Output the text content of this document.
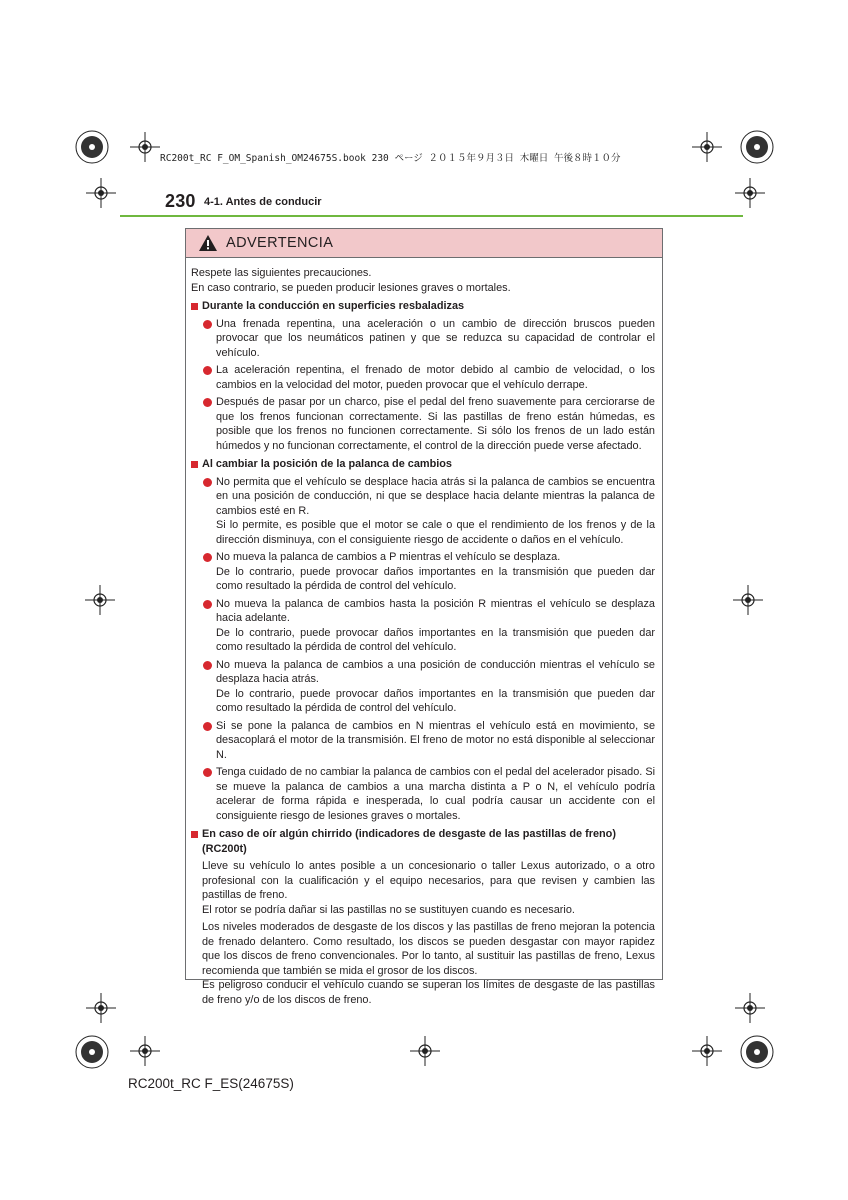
RC200t_RC F_OM_Spanish_OM24675S.book 230 ページ ２０１５年９月３日 木曜日 午後８時１０分
230 4-1. Antes de conducir
ADVERTENCIA

Respete las siguientes precauciones.

En caso contrario, se pueden producir lesiones graves o mortales.

Durante la conducción en superficies resbaladizas

Una frenada repentina, una aceleración o un cambio de dirección bruscos pueden provocar que los neumáticos patinen y que se reduzca su capacidad de controlar el vehículo.

La aceleración repentina, el frenado de motor debido al cambio de velocidad, o los cambios en la velocidad del motor, pueden provocar que el vehículo derrape.

Después de pasar por un charco, pise el pedal del freno suavemente para cerciorarse de que los frenos funcionan correctamente. Si las pastillas de freno están húmedas, es posible que los frenos no funcionen correctamente. Si sólo los frenos de un lado están húmedos y no funcionan correctamente, el control de la dirección puede verse afectado.

Al cambiar la posición de la palanca de cambios

No permita que el vehículo se desplace hacia atrás si la palanca de cambios se encuentra en una posición de conducción, ni que se desplace hacia delante mientras la palanca de cambios esté en R.

Si lo permite, es posible que el motor se cale o que el rendimiento de los frenos y de la dirección disminuya, con el consiguiente riesgo de accidente o daños en el vehículo.

No mueva la palanca de cambios a P mientras el vehículo se desplaza.

De lo contrario, puede provocar daños importantes en la transmisión que pueden dar como resultado la pérdida de control del vehículo.

No mueva la palanca de cambios hasta la posición R mientras el vehículo se desplaza hacia adelante.

De lo contrario, puede provocar daños importantes en la transmisión que pueden dar como resultado la pérdida de control del vehículo.

No mueva la palanca de cambios a una posición de conducción mientras el vehículo se desplaza hacia atrás.

De lo contrario, puede provocar daños importantes en la transmisión que pueden dar como resultado la pérdida de control del vehículo.

Si se pone la palanca de cambios en N mientras el vehículo está en movimiento, se desacoplará el motor de la transmisión. El freno de motor no está disponible al seleccionar N.

Tenga cuidado de no cambiar la palanca de cambios con el pedal del acelerador pisado. Si se mueve la palanca de cambios a una marcha distinta a P o N, el vehículo podría acelerar de forma rápida e inesperada, lo cual podría causar un accidente con el consiguiente riesgo de lesiones graves o mortales.

En caso de oír algún chirrido (indicadores de desgaste de las pastillas de freno) (RC200t)

Lleve su vehículo lo antes posible a un concesionario o taller Lexus autorizado, o a otro profesional con la cualificación y el equipo necesarios, para que revisen y cambien las pastillas de freno.

El rotor se podría dañar si las pastillas no se sustituyen cuando es necesario.

Los niveles moderados de desgaste de los discos y las pastillas de freno mejoran la potencia de frenado delantero. Como resultado, los discos se pueden desgastar con mayor rapidez que los discos de freno convencionales. Por lo tanto, al sustituir las pastillas de freno, Lexus recomienda que también se mida el grosor de los discos.

Es peligroso conducir el vehículo cuando se superan los límites de desgaste de las pastillas de freno y/o de los discos de freno.

RC200t_RC F_ES(24675S)
